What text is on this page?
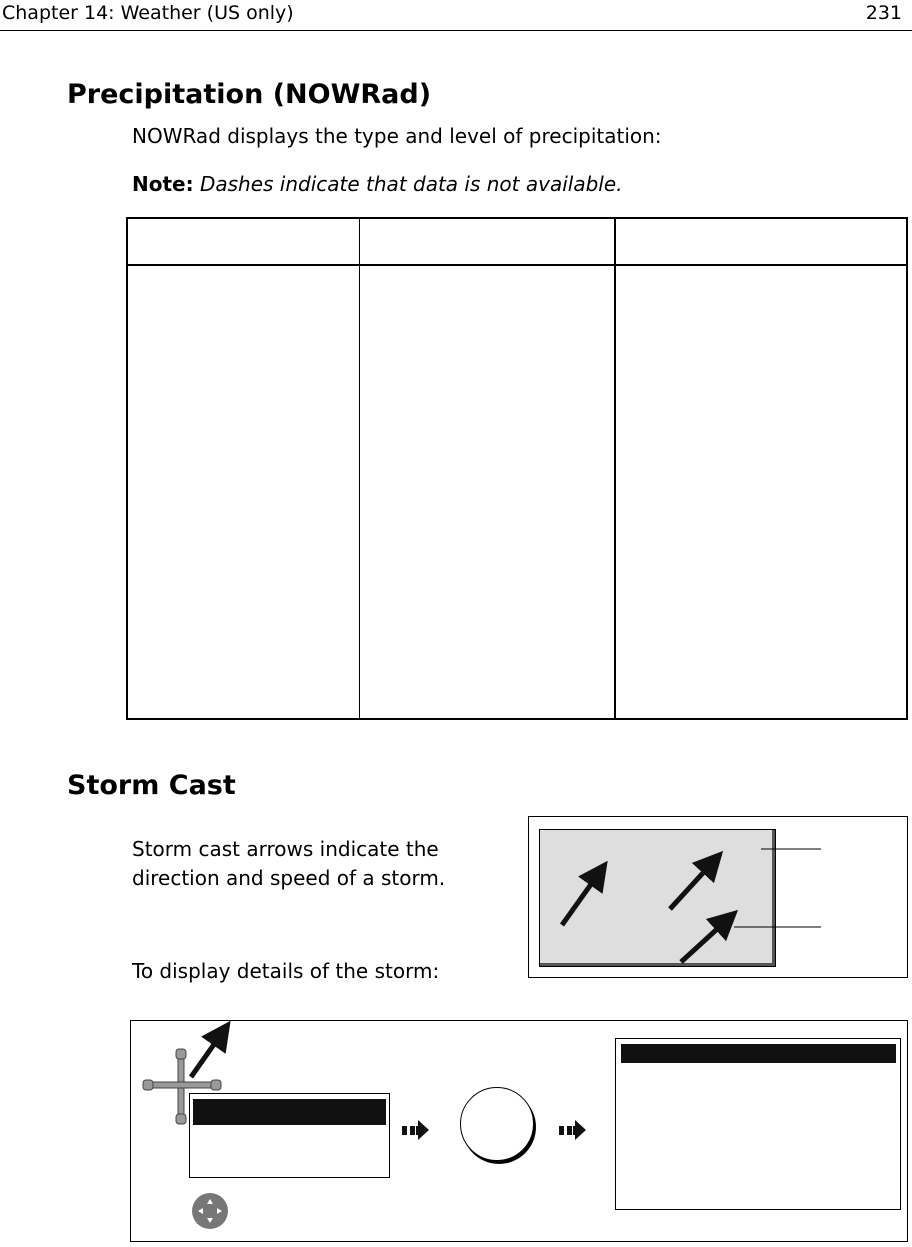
Chapter 14: Weather (US only)	231
Precipitation (NOWRad)
NOWRad displays the type and level of precipitation:
Note: Dashes indicate that data is not available.
Storm Cast
Storm cast arrows indicate the direction and speed of a storm.
To display details of the storm:
